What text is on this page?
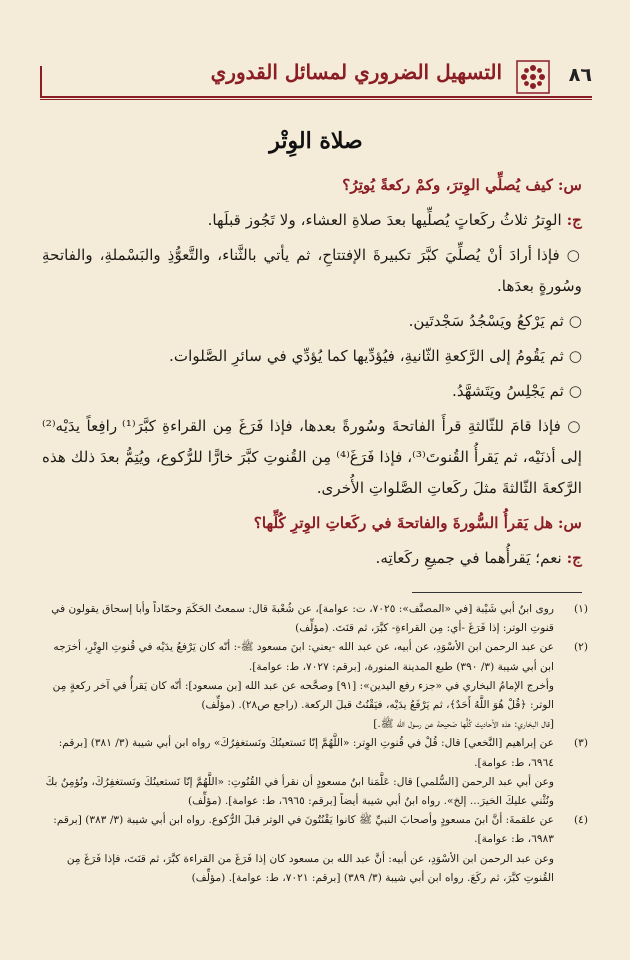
٨٦
التسهيل الضروري لمسائل القدوري
صلاة الوِتْر

س: كيف يُصلِّي الوِترَ، وكمْ ركعةً يُوتِرُ؟

ج: الوِترُ ثلاثُ ركَعاتٍ يُصلِّيها بعدَ صلاةِ العشاء، ولا تَجُوز قبلَها.

○ فإذا أرادَ أنْ يُصلِّيَ كبَّرَ تكبيرةَ الإفتتاحِ، ثم يأتي بالثَّناء، والتَّعوُّذِ والبَسْملةِ، والفاتحةِ وسُورةٍ بعدَها.

○ ثم يَرْكعُ ويَسْجُدُ سَجْدتَين.

○ ثم يَقُومُ إلى الرَّكعةِ الثّانيةِ، فيُؤدِّيها كما يُؤدِّي في سائرِ الصَّلوات.

○ ثم يَجْلِسُ ويَتَشهَّدُ.

○ فإذا قامَ للثّالثةِ قرأَ الفاتحةَ وسُورةً بعدها، فإذا فَرَغَ مِن القراءةِ كبَّرَ⁽¹⁾ رافِعاً يدَيْه⁽²⁾ إلى أذنَيْه، ثم يَقرأُ القُنوتَ⁽³⁾، فإذا فَرَغَ⁽⁴⁾ مِن القُنوتِ كبَّرَ خارًّا للرُّكوع، ويُتِمُّ بعدَ ذلك هذه الرَّكعةَ الثّالثةَ مثلَ ركَعاتِ الصَّلواتِ الأُخرى.

س: هل يَقرأُ السُّورةَ والفاتحةَ في ركَعاتِ الوِترِ كُلِّها؟

ج: نعم؛ يَقرأُهما في جميعِ ركَعاتِه.

(١)
روى ابنُ أبي شَيْبة [في «المصنَّف»: ٧٠٢٥، ت: عوامة]، عن شُعْبةَ قال: سمعتُ الحَكَمَ وحمّاداً وأبا إسحاق يقولون في قنوتِ الوتر: إذا فَرَغَ -أي: مِن القراءةِ- كبَّرَ، ثم قنَتَ. (مؤلِّف)

(٢)
عن عبد الرحمن ابن الأسْوَدِ، عن أبيه، عن عبد الله -يعني: ابنَ مسعود ﷺ-: أنّه كان يَرْفعُ يدَيْه في قُنوتِ الوِتْرِ، أخرَجه ابن أبي شيبة (٣/ ٣٩٠) طبع المدينة المنورة، [برقم: ٧٠٢٧، ط: عوامة].

وأخرج الإمامُ البخاري في «جزء رفع اليدين»: [٩١] وصحَّحه عن عبد الله [بن مسعود]: أنّه كان يَقرأُ في آخر ركعةٍ مِن الوتر: ﴿قُلْ هُوَ اللَّهُ أَحَدٌ﴾، ثم يَرْفَعُ يدَيْه، فيَقْنُتُ قبلَ الركعة. (راجع ص٢٨). (مؤلِّف)

[قال البخاري: هذه الأحاديث كُلُّها صَحيحة عن رسول الله ﷺ.]

(٣)
عن إبراهيم [النَّخعي] قال: قُلْ في قُنوتِ الوِتر: «اللَّهُمَّ إنّا نَستعينُكَ ونَستغفِرُكَ» رواه ابن أبي شيبة (٣/ ٣٨١) [برقم: ٦٩٦٤، ط: عوامة].

وعن أبي عبد الرحمن [السُّلمي] قال: عَلَّمَنا ابنُ مسعودٍ أن نقرأ في القُنُوتِ: «اللَّهُمَّ إنّا نَستعينُكَ ونَستغفِرُكَ، ونُؤمِنُ بكَ ونُثْني عليكَ الخيرَ... إلخ». رواه ابنُ أبي شيبة أيضاً [برقم: ٦٩٦٥، ط: عوامة]. (مؤلِّف)

(٤)
عن علقمةَ: أنَّ ابنَ مسعودٍ وأصحابَ النبيِّ ﷺ كانوا يَقْنُتُونَ في الوتر قبلَ الرُّكوع. رواه ابن أبي شيبة (٣/ ٣٨٣) [برقم: ٦٩٨٣، ط: عوامة].

وعن عبد الرحمن ابن الأسْوَدِ، عن أبيه: أنَّ عبد الله بن مسعود كان إذا فَرَغَ من القراءة كبَّرَ، ثم قنَتَ، فإذا فَرَغَ مِن القُنوتِ كبَّرَ، ثم ركَعَ. رواه ابن أبي شيبة (٣/ ٣٨٩) [برقم: ٧٠٢١، ط: عوامة]. (مؤلِّف)
